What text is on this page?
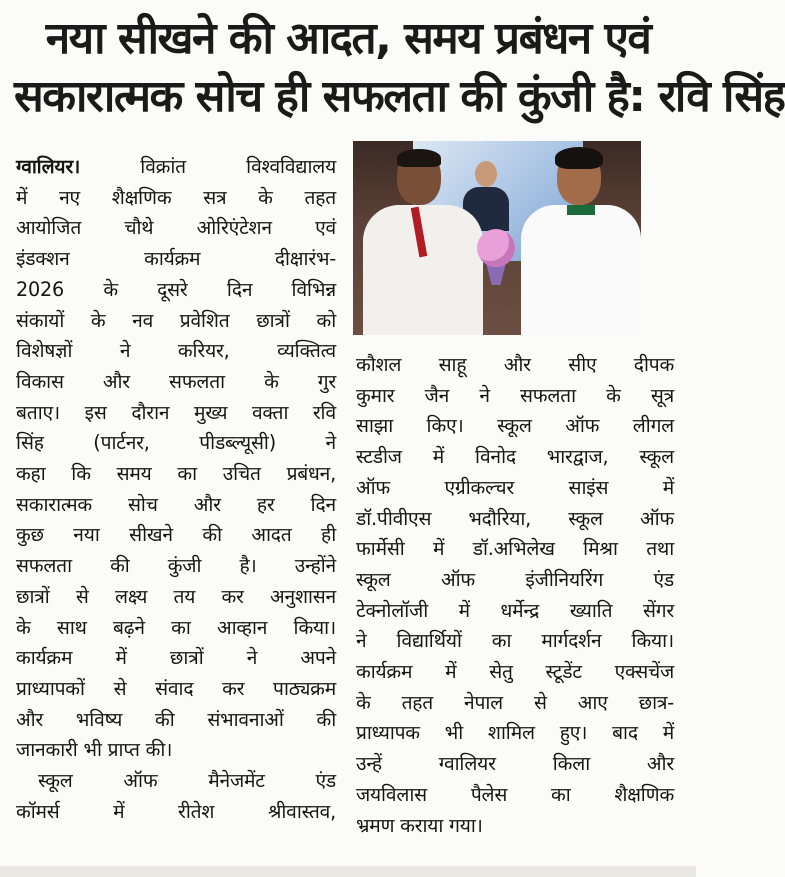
नया सीखने की आदत, समय प्रबंधन एवं
सकारात्मक सोच ही सफलता की कुंजी है: रवि सिंह
ग्वालियर। विक्रांत विश्वविद्यालय
में नए शैक्षणिक सत्र के तहत
आयोजित चौथे ओरिएंटेशन एवं
इंडक्शन कार्यक्रम दीक्षारंभ-
2026 के दूसरे दिन विभिन्न
संकायों के नव प्रवेशित छात्रों को
विशेषज्ञों ने करियर, व्यक्तित्व
विकास और सफलता के गुर
बताए। इस दौरान मुख्य वक्ता रवि
सिंह (पार्टनर, पीडब्ल्यूसी) ने
कहा कि समय का उचित प्रबंधन,
सकारात्मक सोच और हर दिन
कुछ नया सीखने की आदत ही
सफलता की कुंजी है। उन्होंने
छात्रों से लक्ष्य तय कर अनुशासन
के साथ बढ़ने का आव्हान किया।
कार्यक्रम में छात्रों ने अपने
प्राध्यापकों से संवाद कर पाठ्यक्रम
और भविष्य की संभावनाओं की
जानकारी भी प्राप्त की।
स्कूल ऑफ मैनेजमेंट एंड
कॉमर्स में रीतेश श्रीवास्तव,
कौशल साहू और सीए दीपक
कुमार जैन ने सफलता के सूत्र
साझा किए। स्कूल ऑफ लीगल
स्टडीज में विनोद भारद्वाज, स्कूल
ऑफ एग्रीकल्चर साइंस में
डॉ.पीवीएस भदौरिया, स्कूल ऑफ
फार्मेसी में डॉ.अभिलेख मिश्रा तथा
स्कूल ऑफ इंजीनियरिंग एंड
टेक्नोलॉजी में धर्मेन्द्र ख्याति सेंगर
ने विद्यार्थियों का मार्गदर्शन किया।
कार्यक्रम में सेतु स्टूडेंट एक्सचेंज
के तहत नेपाल से आए छात्र-
प्राध्यापक भी शामिल हुए। बाद में
उन्हें ग्वालियर किला और
जयविलास पैलेस का शैक्षणिक
भ्रमण कराया गया।
